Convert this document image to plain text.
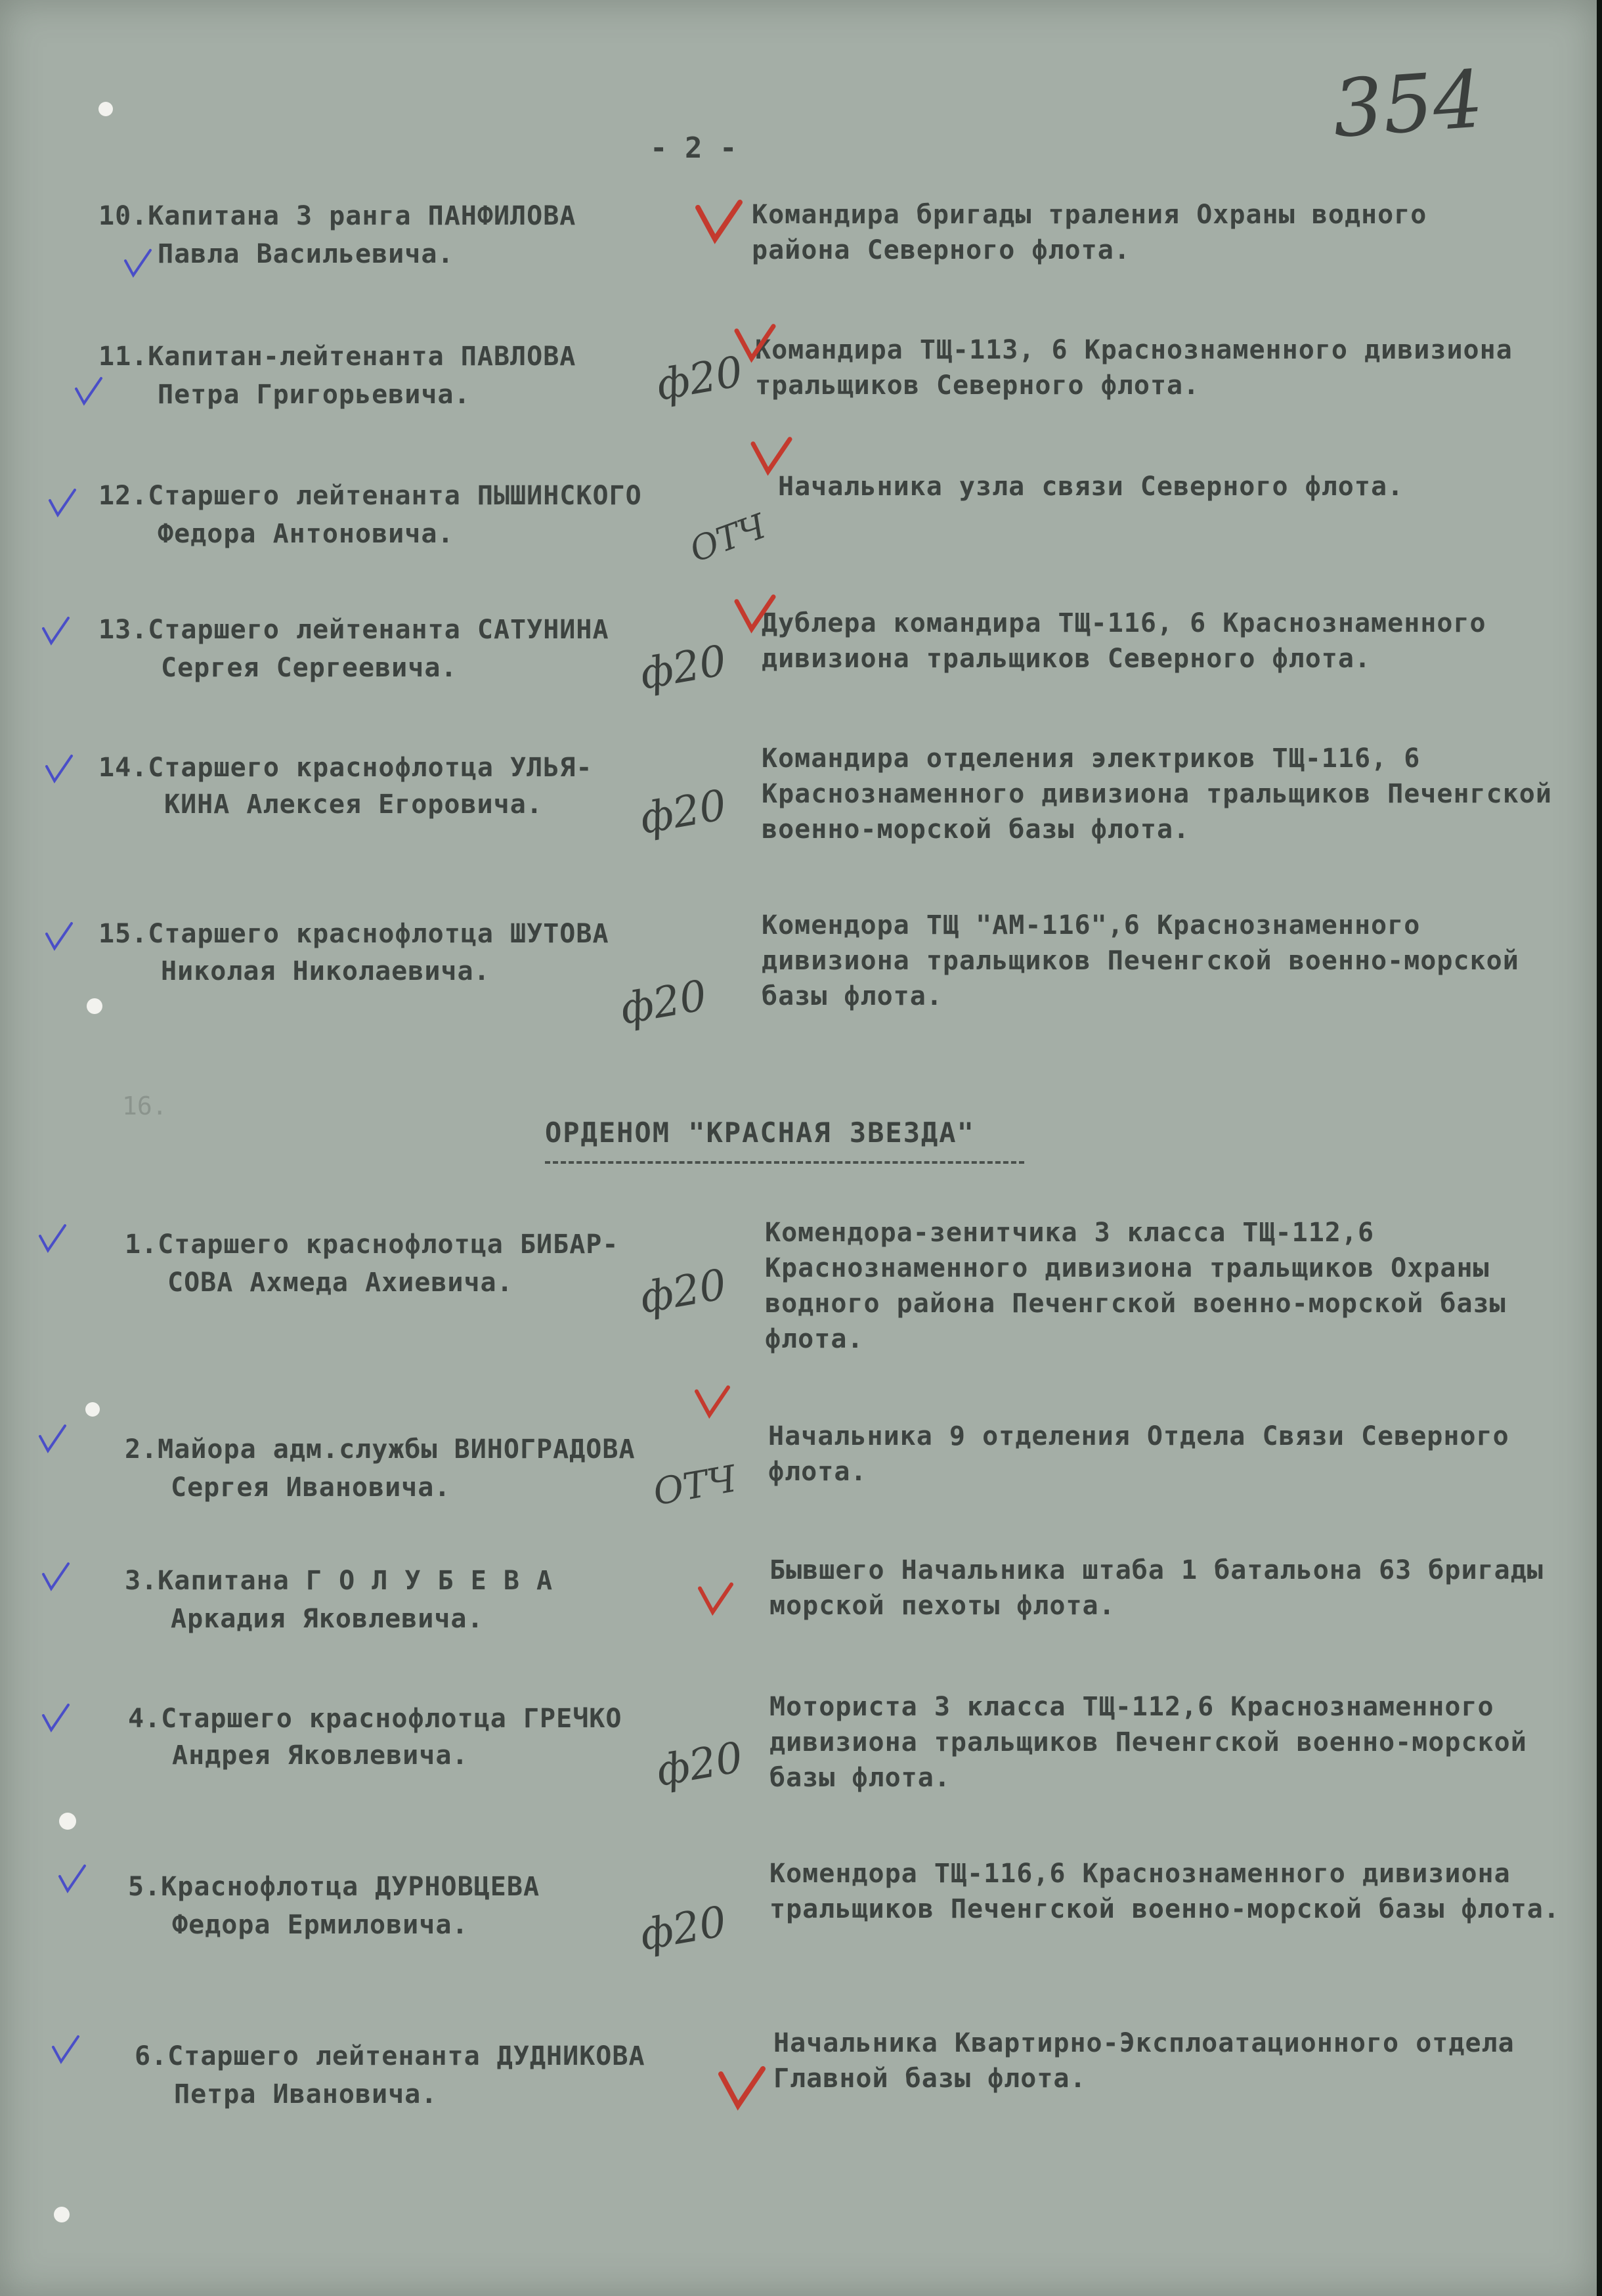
- 2 -	354
10.Капитана 3 ранга ПАНФИЛОВА
Павла Васильевича.
Командира бригады траления Охраны водного района Северного флота.
11.Капитан-лейтенанта ПАВЛОВА
Петра Григорьевича.
Командира ТЩ-113, 6 Краснознаменного дивизиона тральщиков Северного флота.
ф20
12.Старшего лейтенанта ПЫШИНСКОГО
Федора Антоновича.
Начальника узла связи Северного флота.
ОТЧ
13.Старшего лейтенанта САТУНИНА
Сергея Сергеевича.
Дублера командира ТЩ-116, 6 Краснознаменного дивизиона тральщиков Северного флота.
ф20
14.Старшего краснофлотца УЛЬЯ-
КИНА Алексея Егоровича.
Командира отделения электриков ТЩ-116, 6 Краснознаменного дивизиона тральщиков Печенгской военно-морской базы флота.
ф20
15.Старшего краснофлотца ШУТОВА
Николая Николаевича.
Комендора ТЩ "АМ-116",6 Краснознаменного дивизиона тральщиков Печенгской военно-морской базы флота.
ф20
16.
ОРДЕНОМ "КРАСНАЯ ЗВЕЗДА"
1.Старшего краснофлотца БИБАР-
СОВА Ахмеда Ахиевича.
Комендора-зенитчика 3 класса ТЩ-112,6 Краснознаменного дивизиона тральщиков Охраны водного района Печенгской военно-морской базы флота.
ф20
2.Майора адм.службы ВИНОГРАДОВА
Сергея Ивановича.
Начальника 9 отделения Отдела Связи Северного флота.
ОТЧ
3.Капитана Г О Л У Б Е В А
Аркадия Яковлевича.
Бывшего Начальника штаба 1 батальона 63 бригады морской пехоты флота.
4.Старшего краснофлотца ГРЕЧКО
Андрея Яковлевича.
Моториста 3 класса ТЩ-112,6 Краснознаменного дивизиона тральщиков Печенгской военно-морской базы флота.
ф20
5.Краснофлотца ДУРНОВЦЕВА
Федора Ермиловича.
Комендора ТЩ-116,6 Краснознаменного дивизиона тральщиков Печенгской военно-морской базы флота.
ф20
6.Старшего лейтенанта ДУДНИКОВА
Петра Ивановича.
Начальника Квартирно-Эксплоатационного отдела Главной базы флота.
